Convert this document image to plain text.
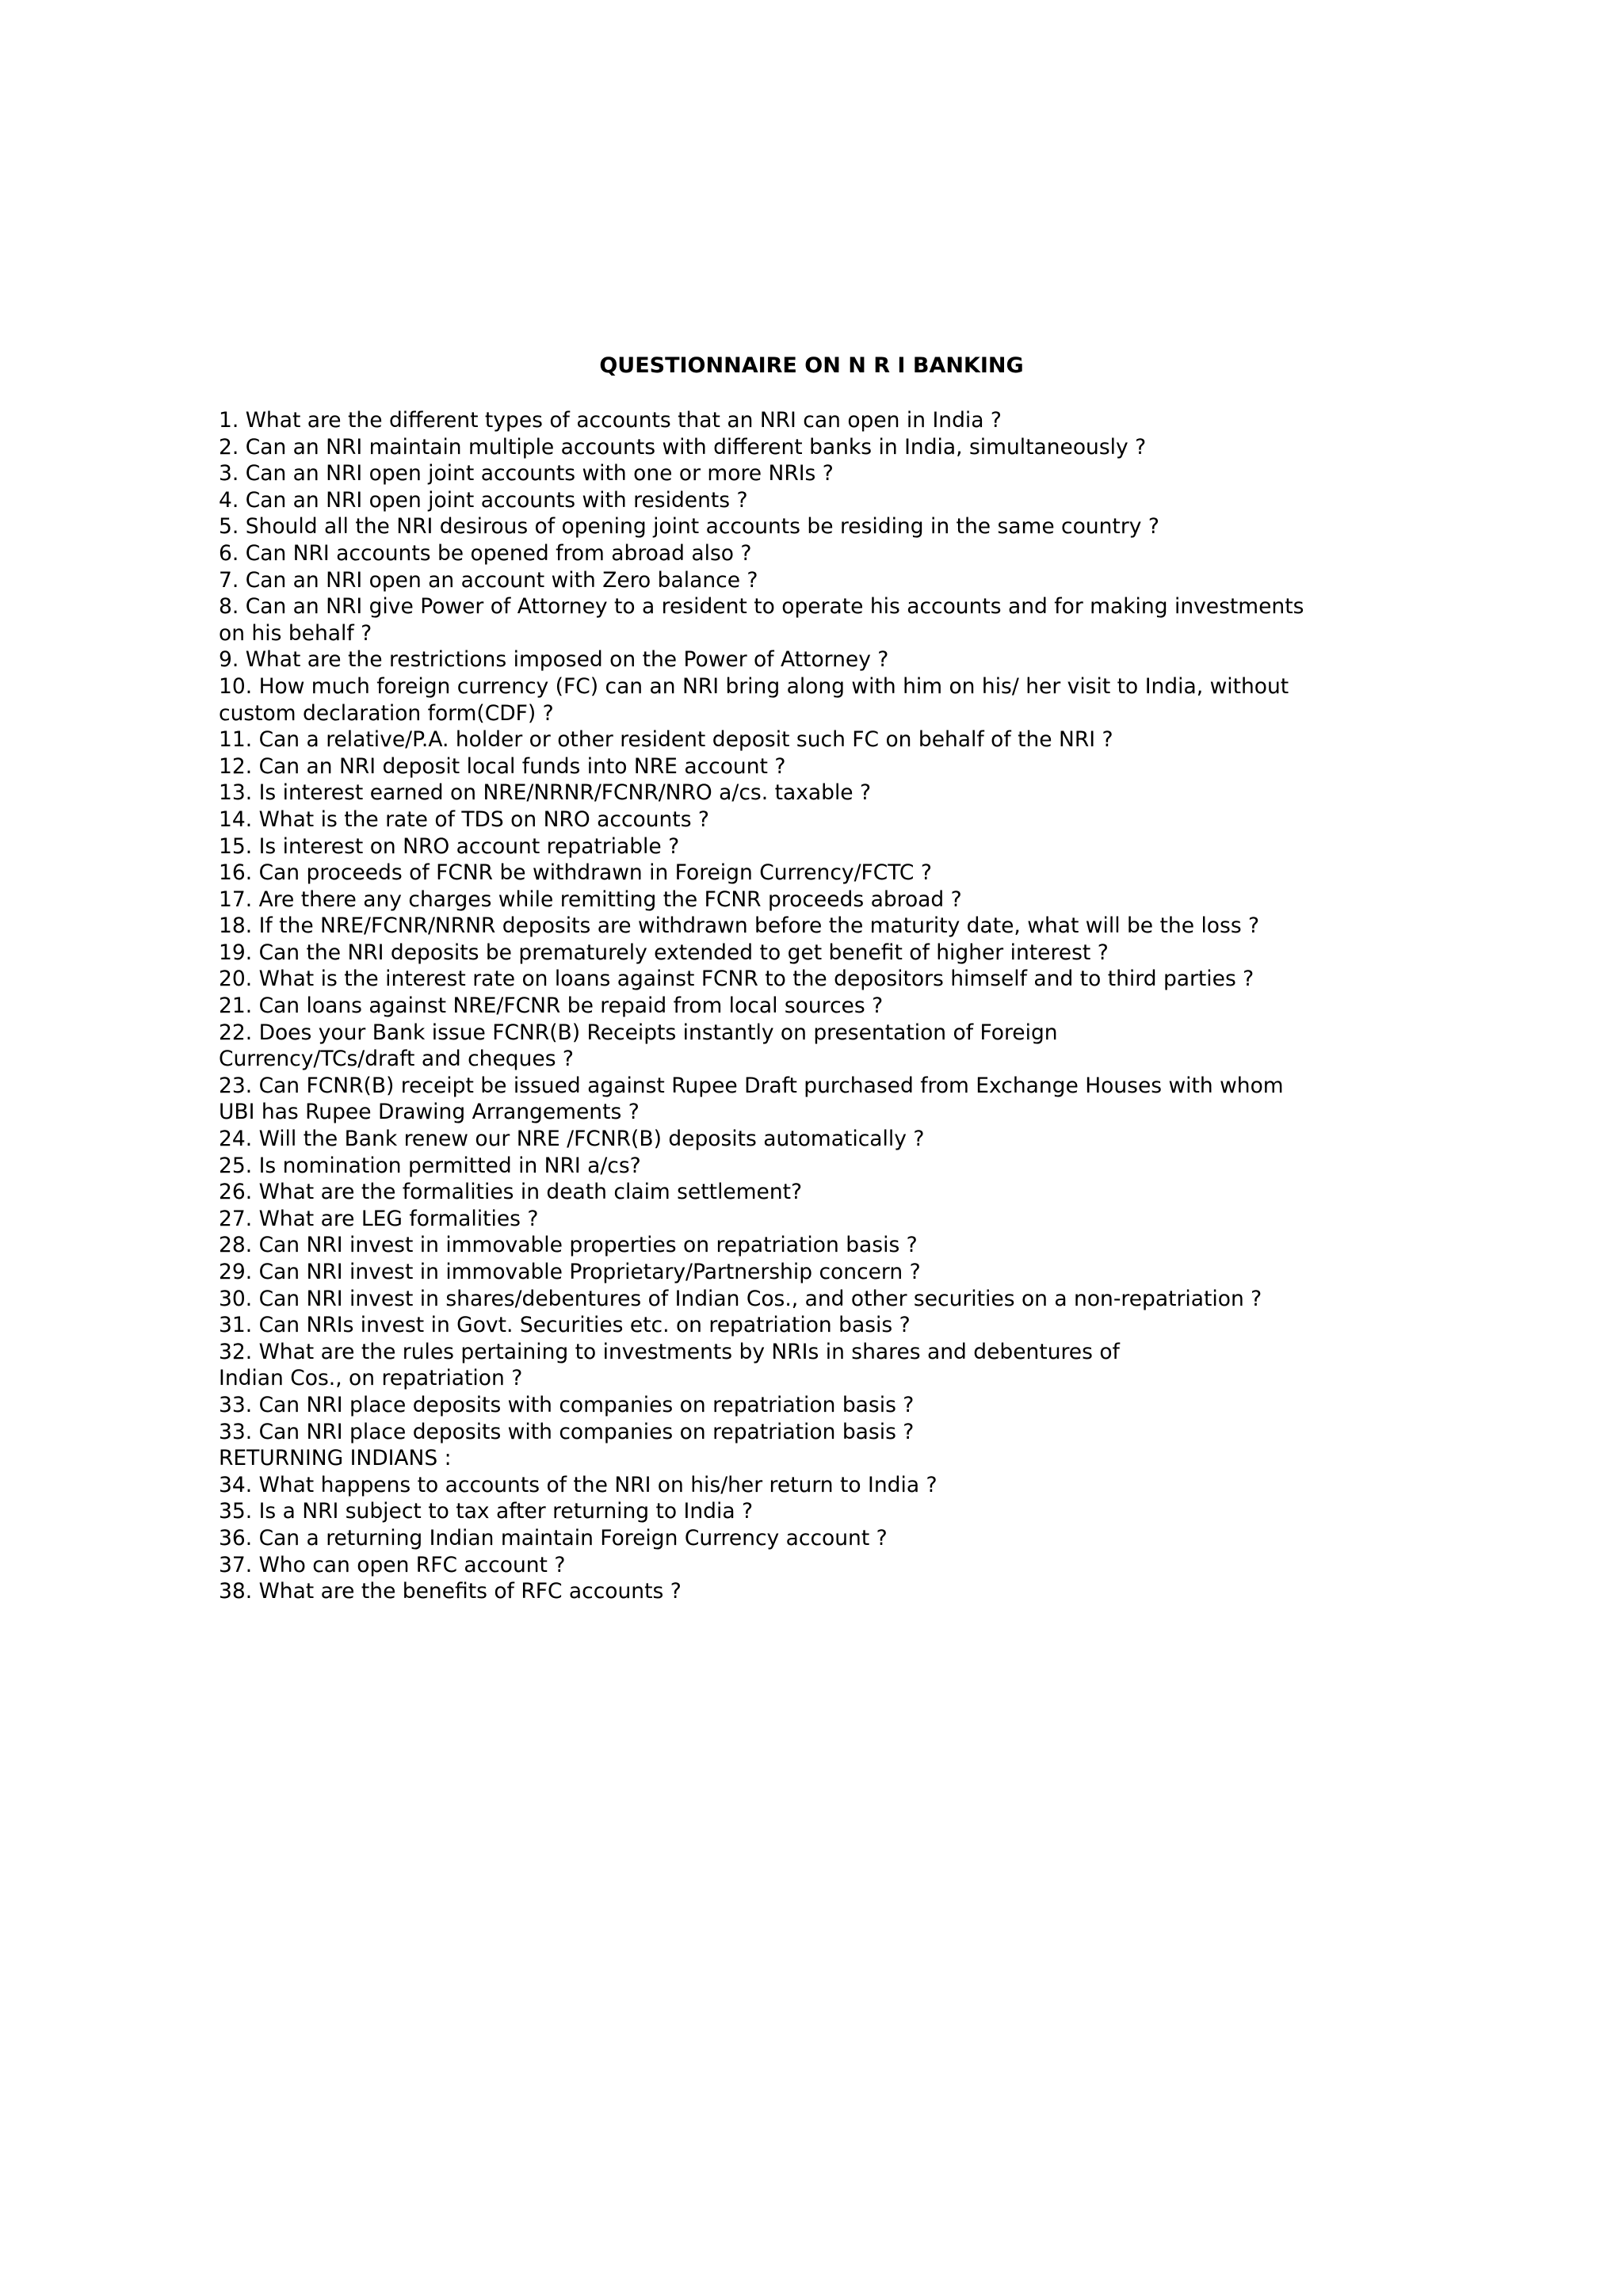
QUESTIONNAIRE ON N R I BANKING
1. What are the different types of accounts that an NRI can open in India ?
2. Can an NRI maintain multiple accounts with different banks in India, simultaneously ?
3. Can an NRI open joint accounts with one or more NRIs ?
4. Can an NRI open joint accounts with residents ?
5. Should all the NRI desirous of opening joint accounts be residing in the same country ?
6. Can NRI accounts be opened from abroad also ?
7. Can an NRI open an account with Zero balance ?
8. Can an NRI give Power of Attorney to a resident to operate his accounts and for making investments
on his behalf ?
9. What are the restrictions imposed on the Power of Attorney ?
10. How much foreign currency (FC) can an NRI bring along with him on his/ her visit to India, without
custom declaration form(CDF) ?
11. Can a relative/P.A. holder or other resident deposit such FC on behalf of the NRI ?
12. Can an NRI deposit local funds into NRE account ?
13. Is interest earned on NRE/NRNR/FCNR/NRO a/cs. taxable ?
14. What is the rate of TDS on NRO accounts ?
15. Is interest on NRO account repatriable ?
16. Can proceeds of FCNR be withdrawn in Foreign Currency/FCTC ?
17. Are there any charges while remitting the FCNR proceeds abroad ?
18. If the NRE/FCNR/NRNR deposits are withdrawn before the maturity date, what will be the loss ?
19. Can the NRI deposits be prematurely extended to get benefit of higher interest ?
20. What is the interest rate on loans against FCNR to the depositors himself and to third parties ?
21. Can loans against NRE/FCNR be repaid from local sources ?
22. Does your Bank issue FCNR(B) Receipts instantly on presentation of Foreign
Currency/TCs/draft and cheques ?
23. Can FCNR(B) receipt be issued against Rupee Draft purchased from Exchange Houses with whom
UBI has Rupee Drawing Arrangements ?
24. Will the Bank renew our NRE /FCNR(B) deposits automatically ?
25. Is nomination permitted in NRI a/cs?
26. What are the formalities in death claim settlement?
27. What are LEG formalities ?
28. Can NRI invest in immovable properties on repatriation basis ?
29. Can NRI invest in immovable Proprietary/Partnership concern ?
30. Can NRI invest in shares/debentures of Indian Cos., and other securities on a non-repatriation ?
31. Can NRIs invest in Govt. Securities etc. on repatriation basis ?
32. What are the rules pertaining to investments by NRIs in shares and debentures of
Indian Cos., on repatriation ?
33. Can NRI place deposits with companies on repatriation basis ?
33. Can NRI place deposits with companies on repatriation basis ?
RETURNING INDIANS :
34. What happens to accounts of the NRI on his/her return to India ?
35. Is a NRI subject to tax after returning to India ?
36. Can a returning Indian maintain Foreign Currency account ?
37. Who can open RFC account ?
38. What are the benefits of RFC accounts ?
